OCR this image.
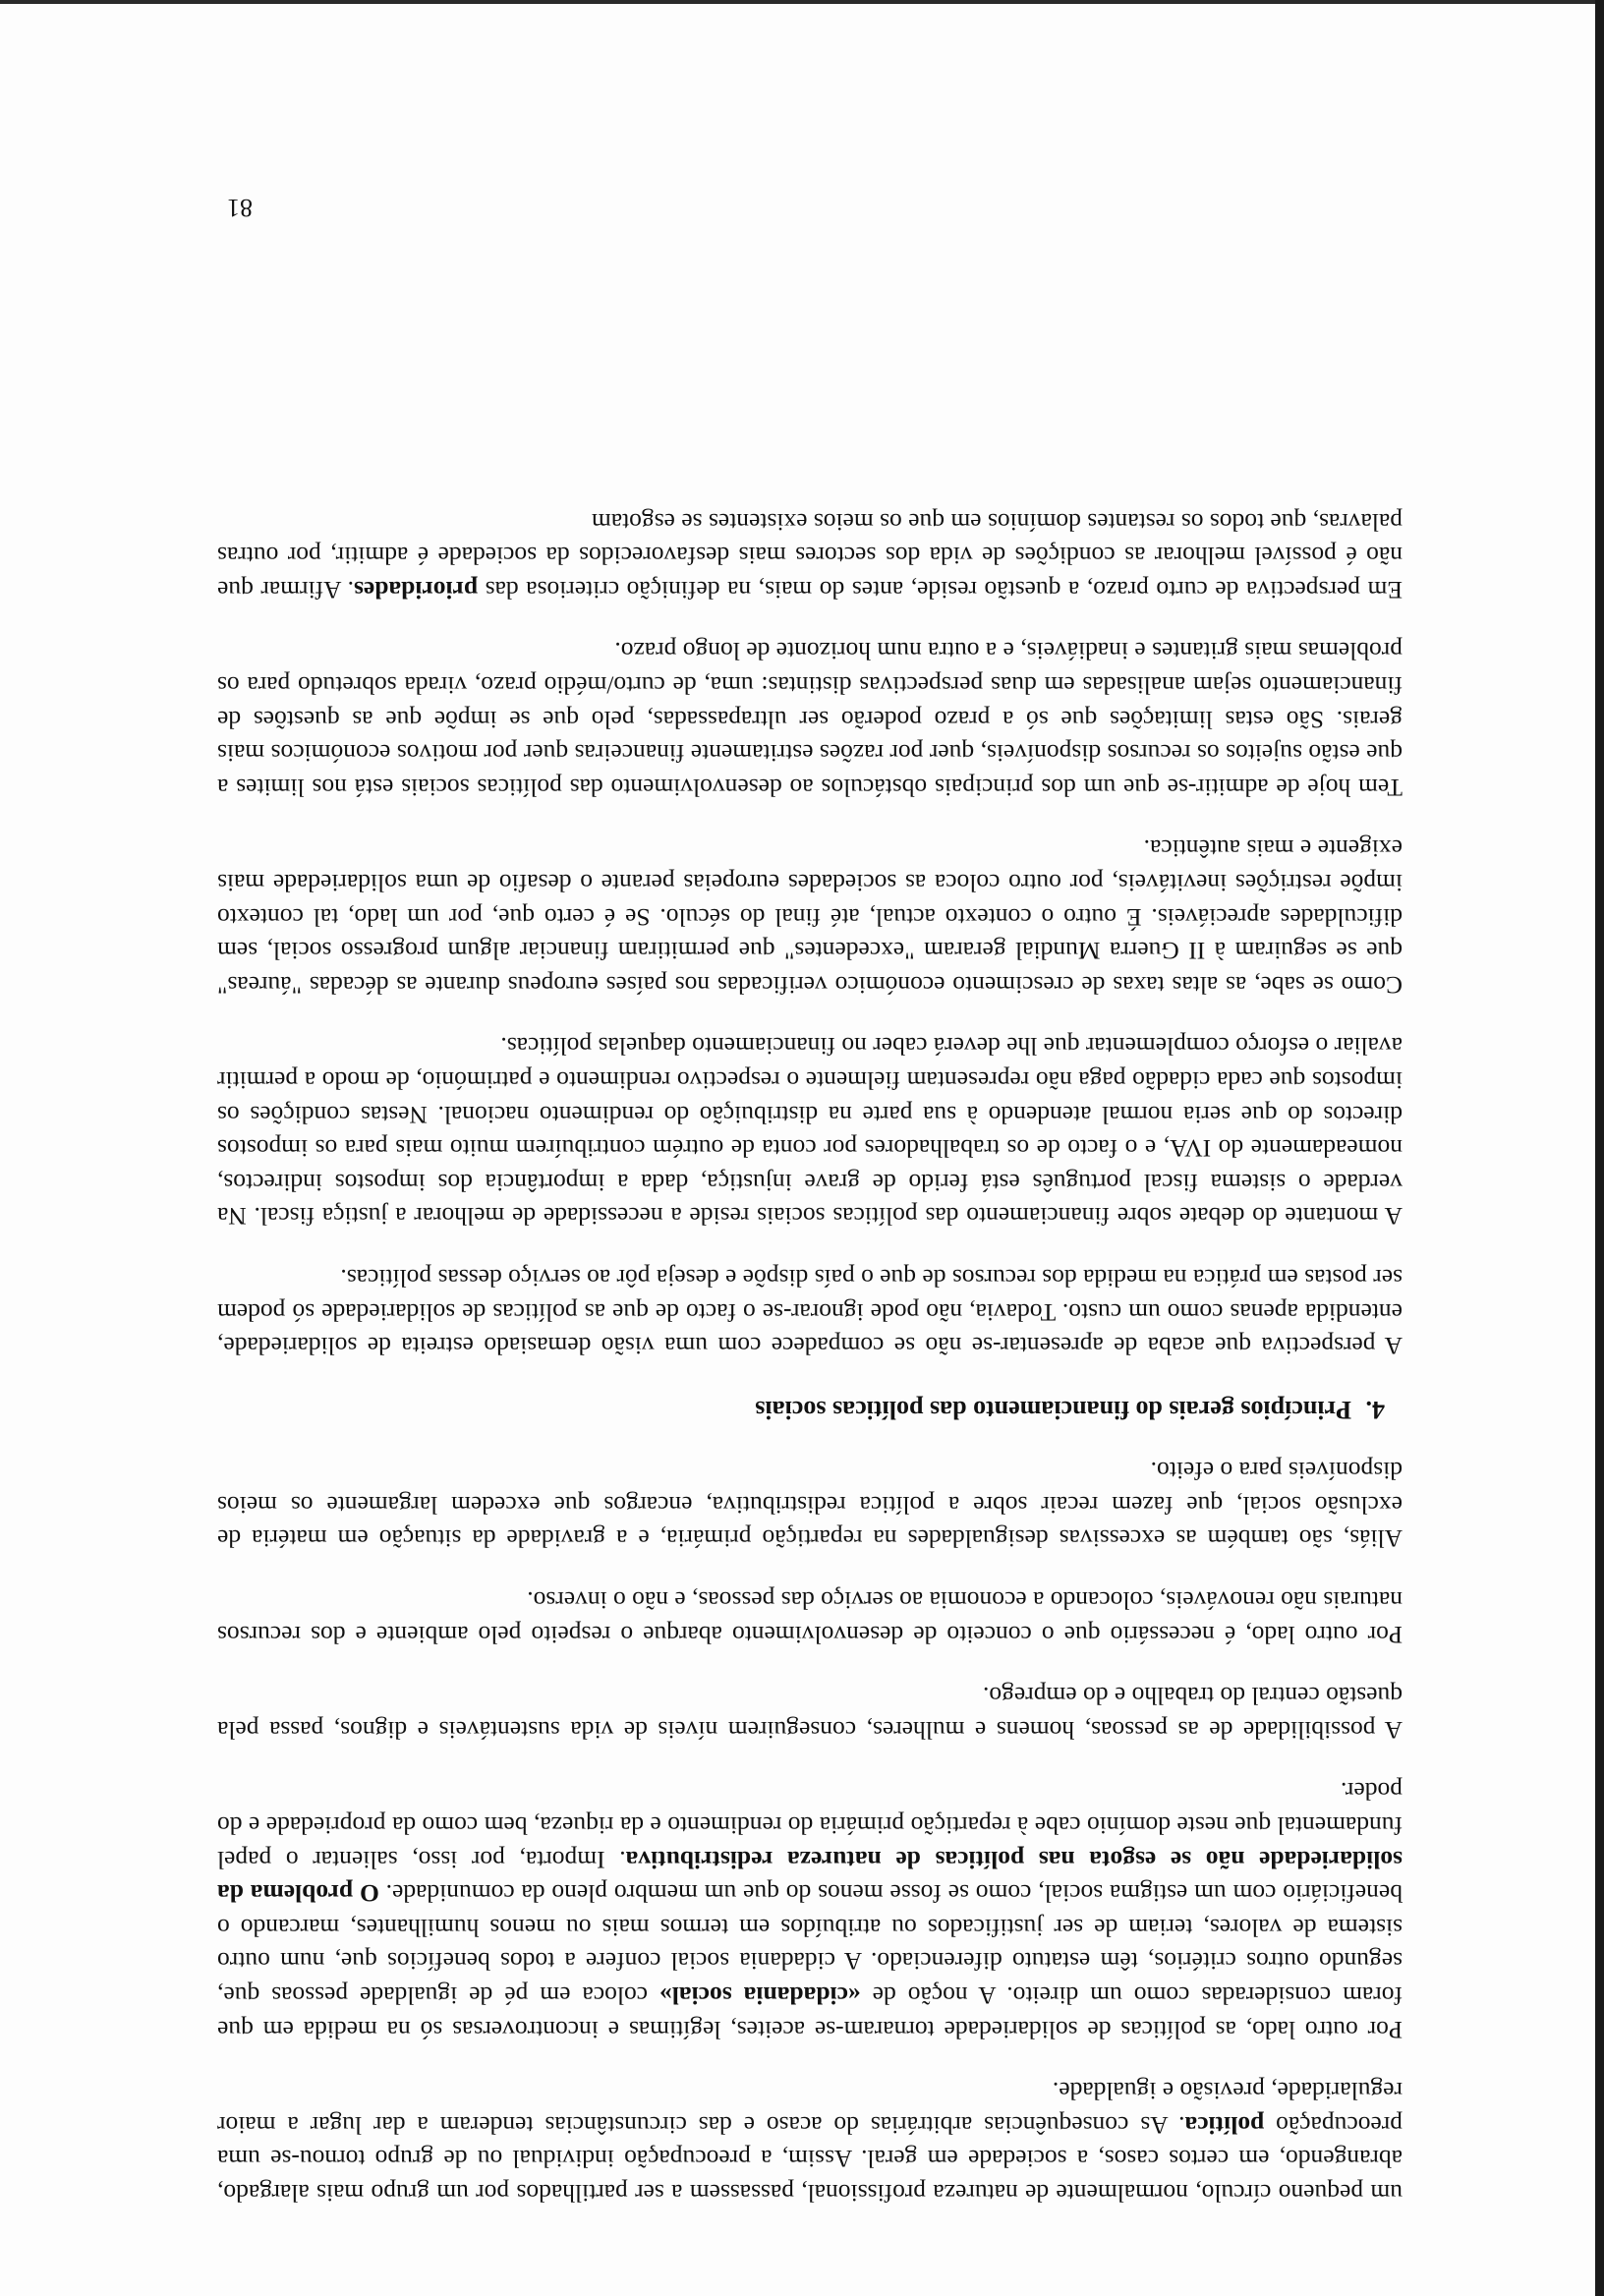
um pequeno círculo, normalmente de natureza profissional, passassem a ser partilhados por um grupo mais alargado, abrangendo, em certos casos, a sociedade em geral. Assim, a preocupação individual ou de grupo tornou-se uma preocupação política. As consequências arbitrárias do acaso e das circunstâncias tenderam a dar lugar a maior regularidade, previsão e igualdade.

Por outro lado, as políticas de solidariedade tornaram-se aceites, legítimas e incontroversas só na medida em que foram consideradas como um direito. A noção de «cidadania social» coloca em pé de igualdade pessoas que, segundo outros critérios, têm estatuto diferenciado. A cidadania social confere a todos benefícios que, num outro sistema de valores, teriam de ser justificados ou atribuídos em termos mais ou menos humilhantes, marcando o beneficiário com um estigma social, como se fosse menos do que um membro pleno da comunidade. O problema da solidariedade não se esgota nas políticas de natureza redistributiva. Importa, por isso, salientar o papel fundamental que neste domínio cabe à repartição primária do rendimento e da riqueza, bem como da propriedade e do poder.

A possibilidade de as pessoas, homens e mulheres, conseguirem níveis de vida sustentáveis e dignos, passa pela questão central do trabalho e do emprego.

Por outro lado, é necessário que o conceito de desenvolvimento abarque o respeito pelo ambiente e dos recursos naturais não renováveis, colocando a economia ao serviço das pessoas, e não o inverso.

Aliás, são também as excessivas desigualdades na repartição primária, e a gravidade da situação em matéria de exclusão social, que fazem recair sobre a política redistributiva, encargos que excedem largamente os meios disponíveis para o efeito.

4.Princípios gerais do financiamento das políticas sociais

A perspectiva que acaba de apresentar-se não se compadece com uma visão demasiado estreita de solidariedade, entendida apenas como um custo. Todavia, não pode ignorar-se o facto de que as políticas de solidariedade só podem ser postas em prática na medida dos recursos de que o país dispõe e deseja pôr ao serviço dessas políticas.

A montante do debate sobre financiamento das políticas sociais reside a necessidade de melhorar a justiça fiscal. Na verdade o sistema fiscal português está ferido de grave injustiça, dada a importância dos impostos indirectos, nomeadamente do IVA, e o facto de os trabalhadores por conta de outrém contribuírem muito mais para os impostos directos do que seria normal atendendo à sua parte na distribuição do rendimento nacional. Nestas condições os impostos que cada cidadão paga não representam fielmente o respectivo rendimento e património, de modo a permitir avaliar o esforço complementar que lhe deverá caber no financiamento daquelas políticas.

Como se sabe, as altas taxas de crescimento económico verificadas nos países europeus durante as décadas "áureas" que se seguiram à II Guerra Mundial geraram "excedentes" que permitiram financiar algum progresso social, sem dificuldades apreciáveis. É outro o contexto actual, até final do século. Se é certo que, por um lado, tal contexto impõe restrições inevitáveis, por outro coloca as sociedades europeias perante o desafio de uma solidariedade mais exigente e mais autêntica.

Tem hoje de admitir-se que um dos principais obstáculos ao desenvolvimento das políticas sociais está nos limites a que estão sujeitos os recursos disponíveis, quer por razões estritamente financeiras quer por motivos económicos mais gerais. São estas limitações que só a prazo poderão ser ultrapassadas, pelo que se impõe que as questões de financiamento sejam analisadas em duas perspectivas distintas: uma, de curto/médio prazo, virada sobretudo para os problemas mais gritantes e inadiáveis, e a outra num horizonte de longo prazo.

Em perspectiva de curto prazo, a questão reside, antes do mais, na definição criteriosa das prioridades. Afirmar que não é possível melhorar as condições de vida dos sectores mais desfavorecidos da sociedade é admitir, por outras palavras, que todos os restantes domínios em que os meios existentes se esgotam

81
